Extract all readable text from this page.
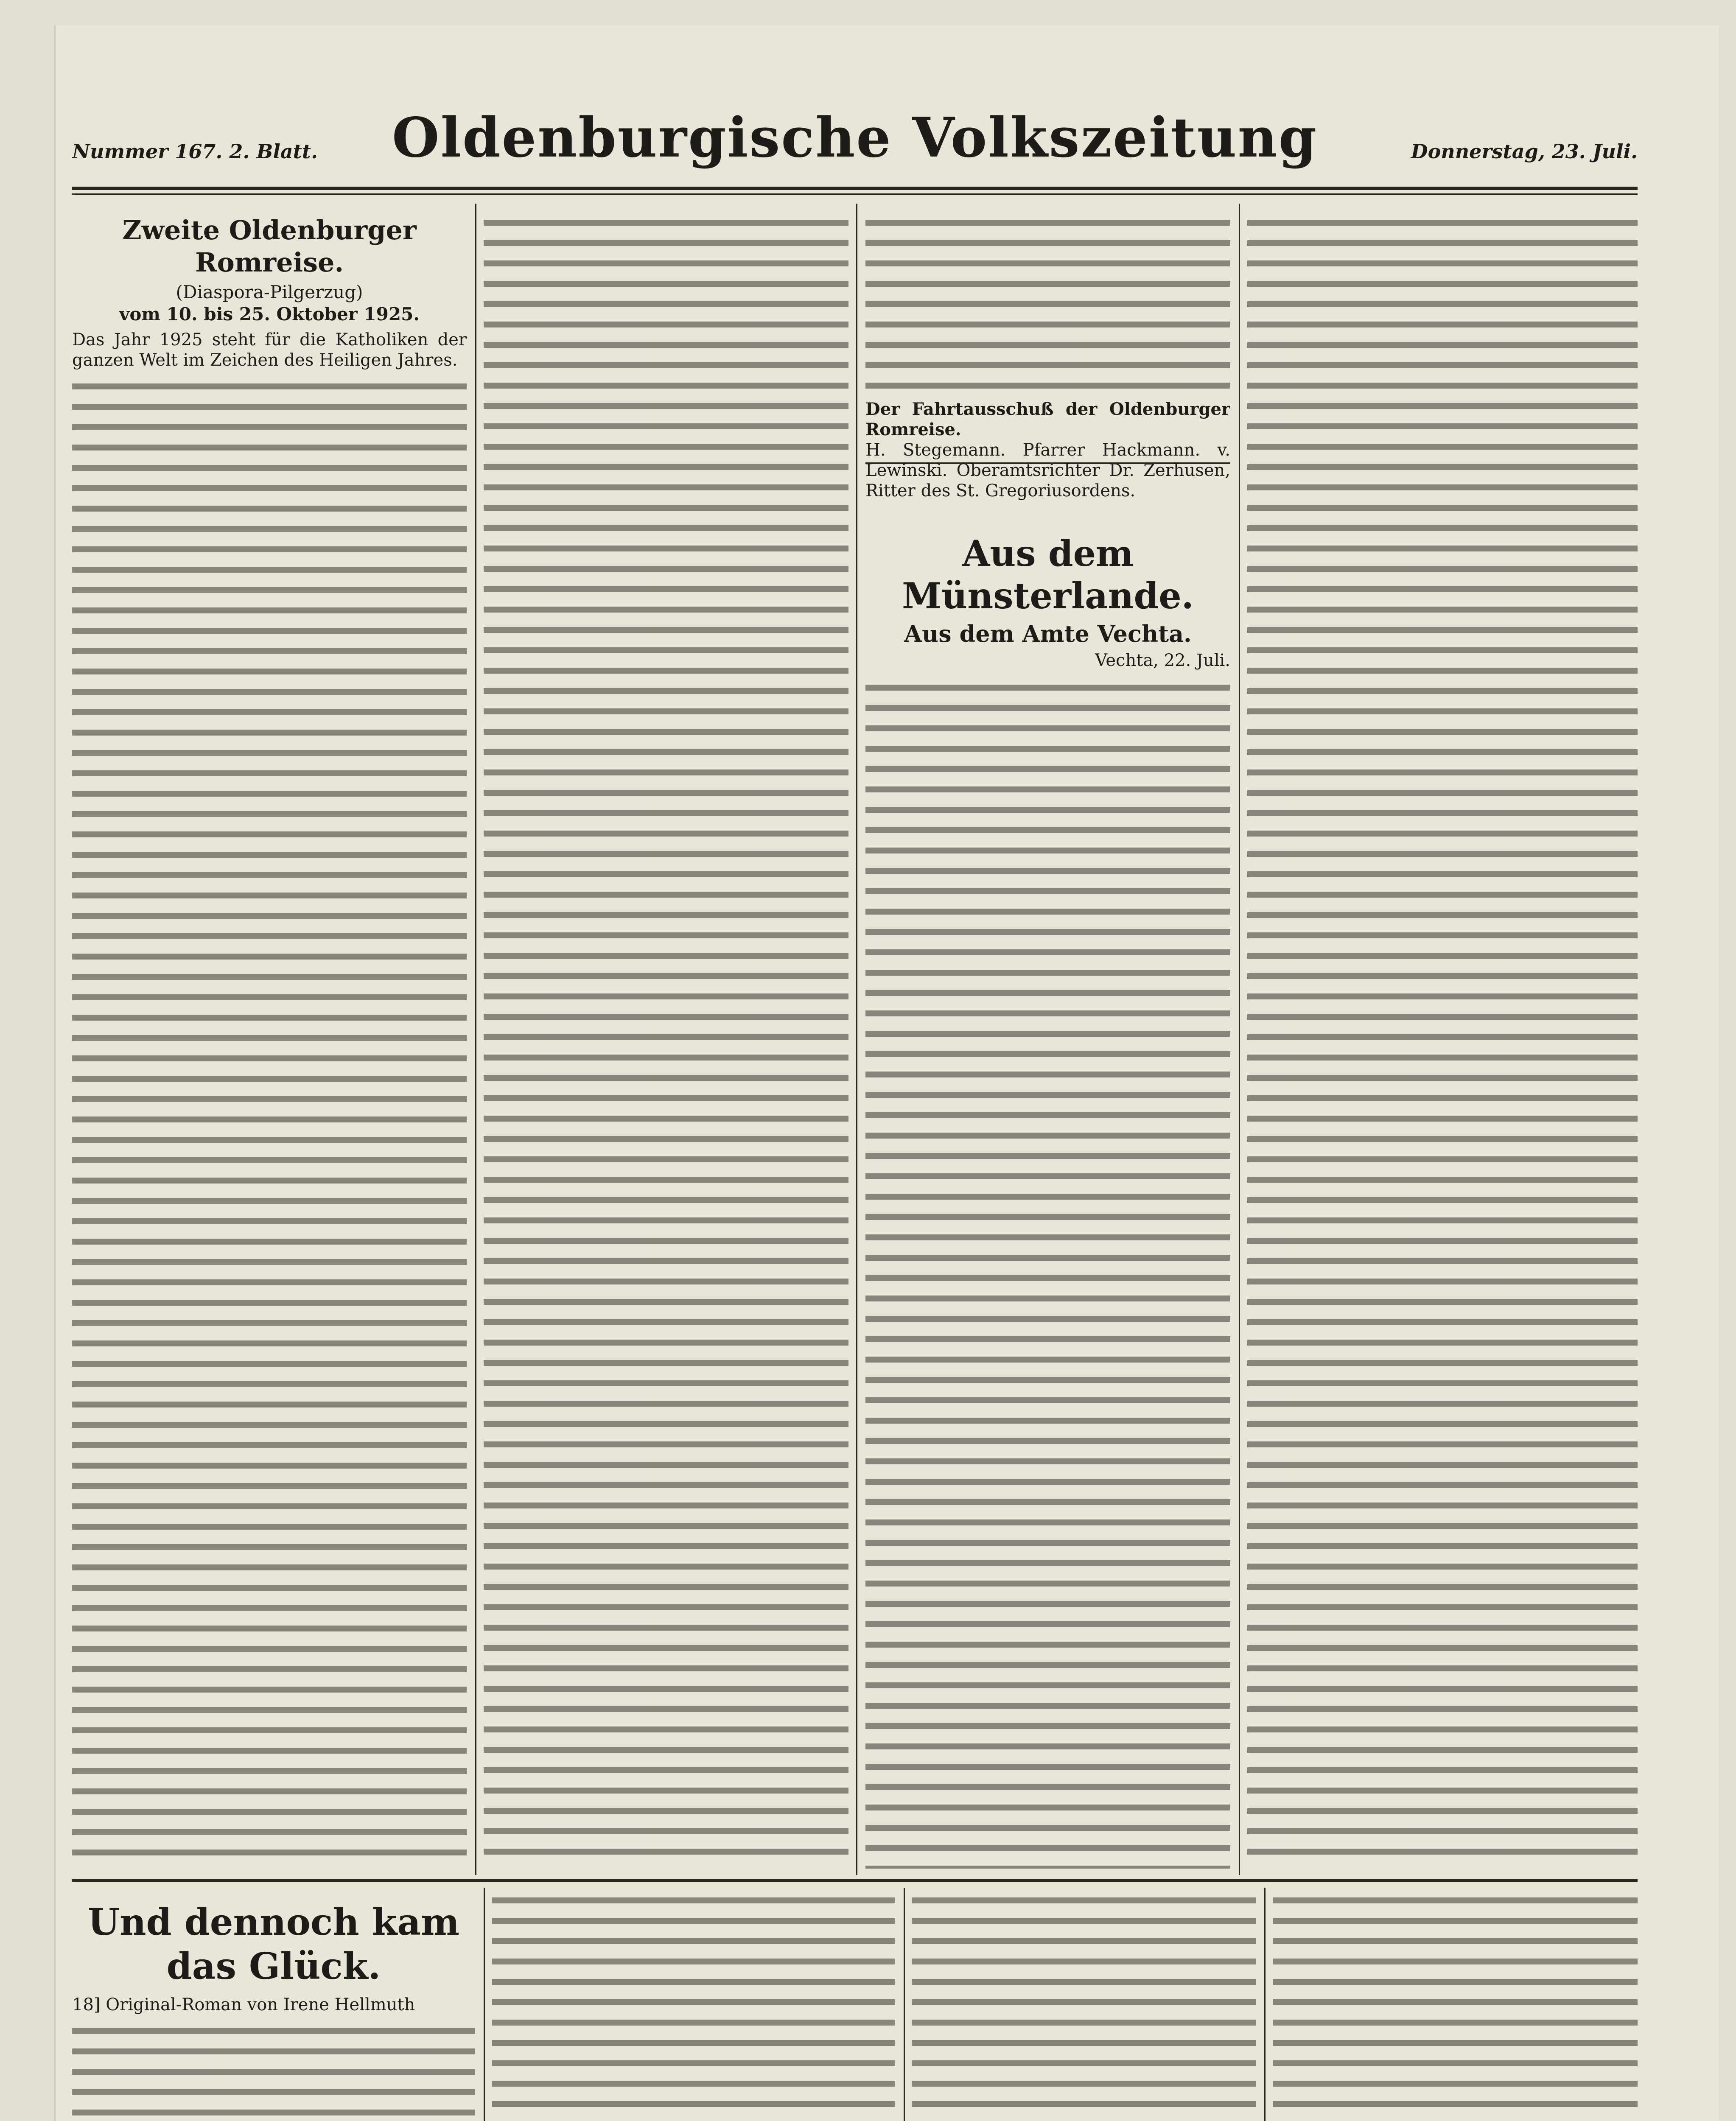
Nummer 167. 2. Blatt.	Oldenburgische Volkszeitung	Donnerstag, 23. Juli.
Zweite Oldenburger Romreise.
(Diaspora-Pilgerzug)
vom 10. bis 25. Oktober 1925.

Das Jahr 1925 steht für die Katholiken der ganzen Welt im Zeichen des Heiligen Jahres.

Der Fahrtausschuß der Oldenburger Romreise.

H. Stegemann. Pfarrer Hackmann. v. Lewinski. Oberamtsrichter Dr. Zerhusen, Ritter des St. Gregoriusordens.

Aus dem Münsterlande.
Aus dem Amte Vechta.
Vechta, 22. Juli.
Und dennoch kam das Glück.

18] Original-Roman von Irene Hellmuth
